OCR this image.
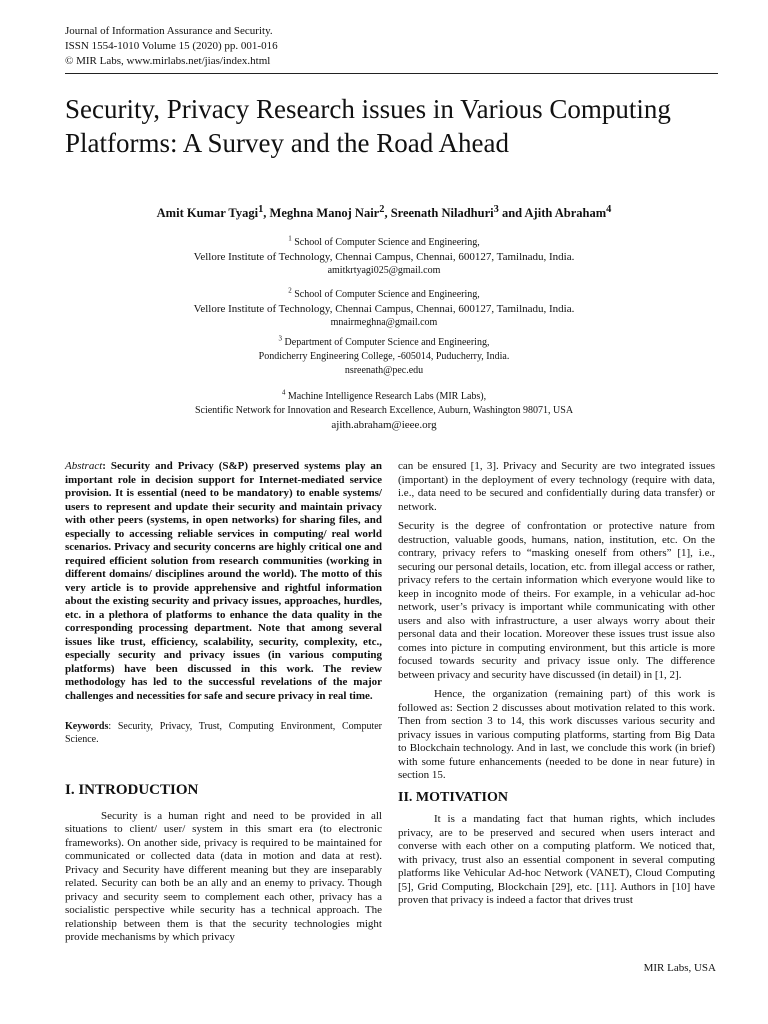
Journal of Information Assurance and Security.
ISSN 1554-1010 Volume 15 (2020) pp. 001-016
© MIR Labs, www.mirlabs.net/jias/index.html
Security, Privacy Research issues in Various Computing Platforms: A Survey and the Road Ahead
Amit Kumar Tyagi$^1$, Meghna Manoj Nair$^2$, Sreenath Niladhuri$^3$ and Ajith Abraham$^4$
$^1$ School of Computer Science and Engineering,
Vellore Institute of Technology, Chennai Campus, Chennai, 600127, Tamilnadu, India.
amitkrtyagi025@gmail.com
$^2$ School of Computer Science and Engineering,
Vellore Institute of Technology, Chennai Campus, Chennai, 600127, Tamilnadu, India.
mnairmeghna@gmail.com
$^3$ Department of Computer Science and Engineering,
Pondicherry Engineering College, -605014, Puducherry, India.
nsreenath@pec.edu
$^4$ Machine Intelligence Research Labs (MIR Labs),
Scientific Network for Innovation and Research Excellence, Auburn, Washington 98071, USA
ajith.abraham@ieee.org

Abstract: Security and Privacy (S&P) preserved systems play an important role in decision support for Internet-mediated service provision. It is essential (need to be mandatory) to enable systems/ users to represent and update their security and maintain privacy with other peers (systems, in open networks) for sharing files, and especially to accessing reliable services in computing/ real world scenarios. Privacy and security concerns are highly critical one and required efficient solution from research communities (working in different domains/ disciplines around the world). The motto of this very article is to provide apprehensive and rightful information about the existing security and privacy issues, approaches, hurdles, etc. in a plethora of platforms to enhance the data quality in the corresponding processing department. Note that among several issues like trust, efficiency, scalability, security, complexity, etc., especially security and privacy issues (in various computing platforms) have been discussed in this work. The review methodology has led to the successful revelations of the major challenges and necessities for safe and secure privacy in real time.

Keywords: Security, Privacy, Trust, Computing Environment, Computer Science.

I. INTRODUCTION

Security is a human right and need to be provided in all situations to client/ user/ system in this smart era (to electronic frameworks). On another side, privacy is required to be maintained for communicated or collected data (data in motion and data at rest). Privacy and Security have different meaning but they are inseparably related. Security can both be an ally and an enemy to privacy. Though privacy and security seem to complement each other, privacy has a socialistic perspective while security has a technical approach. The relationship between them is that the security technologies might provide mechanisms by which privacy

can be ensured [1, 3]. Privacy and Security are two integrated issues (important) in the deployment of every technology (require with data, i.e., data need to be secured and confidentially during data transfer) or network.

Security is the degree of confrontation or protective nature from destruction, valuable goods, humans, nation, institution, etc. On the contrary, privacy refers to “masking oneself from others” [1], i.e., securing our personal details, location, etc. from illegal access or rather, privacy refers to the certain information which everyone would like to keep in incognito mode of theirs. For example, in a vehicular ad-hoc network, user’s privacy is important while communicating with other users and also with infrastructure, a user always worry about their personal data and their location. Moreover these issues trust issue also comes into picture in computing environment, but this article is more focused towards security and privacy issue only. The difference between privacy and security have discussed (in detail) in [1, 2].

Hence, the organization (remaining part) of this work is followed as: Section 2 discusses about motivation related to this work. Then from section 3 to 14, this work discusses various security and privacy issues in various computing platforms, starting from Big Data to Blockchain technology. And in last, we conclude this work (in brief) with some future enhancements (needed to be done in near future) in section 15.

II. MOTIVATION

It is a mandating fact that human rights, which includes privacy, are to be preserved and secured when users interact and converse with each other on a computing platform. We noticed that, with privacy, trust also an essential component in several computing platforms like Vehicular Ad-hoc Network (VANET), Cloud Computing [5], Grid Computing, Blockchain [29], etc. [11]. Authors in [10] have proven that privacy is indeed a factor that drives trust

MIR Labs, USA
